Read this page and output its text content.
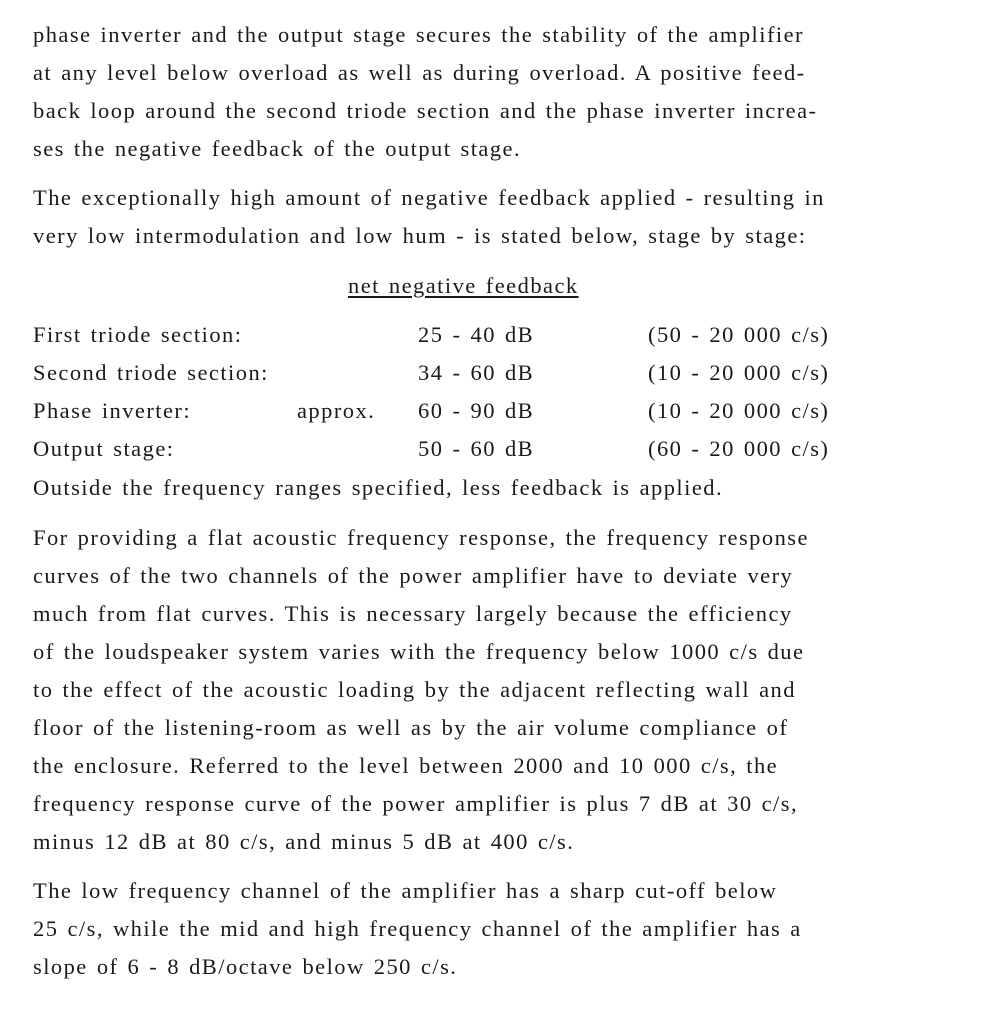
phase inverter and the output stage secures the stability of the amplifier
at any level below overload as well as during overload. A positive feed-
back loop around the second triode section and the phase inverter increa-
ses the negative feedback of the output stage.
The exceptionally high amount of negative feedback applied - resulting in
very low intermodulation and low hum - is stated below, stage by stage:
net negative feedback
First triode section:	25 - 40 dB	(50 - 20 000 c/s)
Second triode section:	34 - 60 dB	(10 - 20 000 c/s)
Phase inverter:	approx. 60 - 90 dB	(10 - 20 000 c/s)
Output stage:	50 - 60 dB	(60 - 20 000 c/s)
Outside the frequency ranges specified, less feedback is applied.
For providing a flat acoustic frequency response, the frequency response
curves of the two channels of the power amplifier have to deviate very
much from flat curves. This is necessary largely because the efficiency
of the loudspeaker system varies with the frequency below 1000 c/s due
to the effect of the acoustic loading by the adjacent reflecting wall and
floor of the listening-room as well as by the air volume compliance of
the enclosure. Referred to the level between 2000 and 10 000 c/s, the
frequency response curve of the power amplifier is plus 7 dB at 30 c/s,
minus 12 dB at 80 c/s, and minus 5 dB at 400 c/s.
The low frequency channel of the amplifier has a sharp cut-off below
25 c/s, while the mid and high frequency channel of the amplifier has a
slope of 6 - 8 dB/octave below 250 c/s.
